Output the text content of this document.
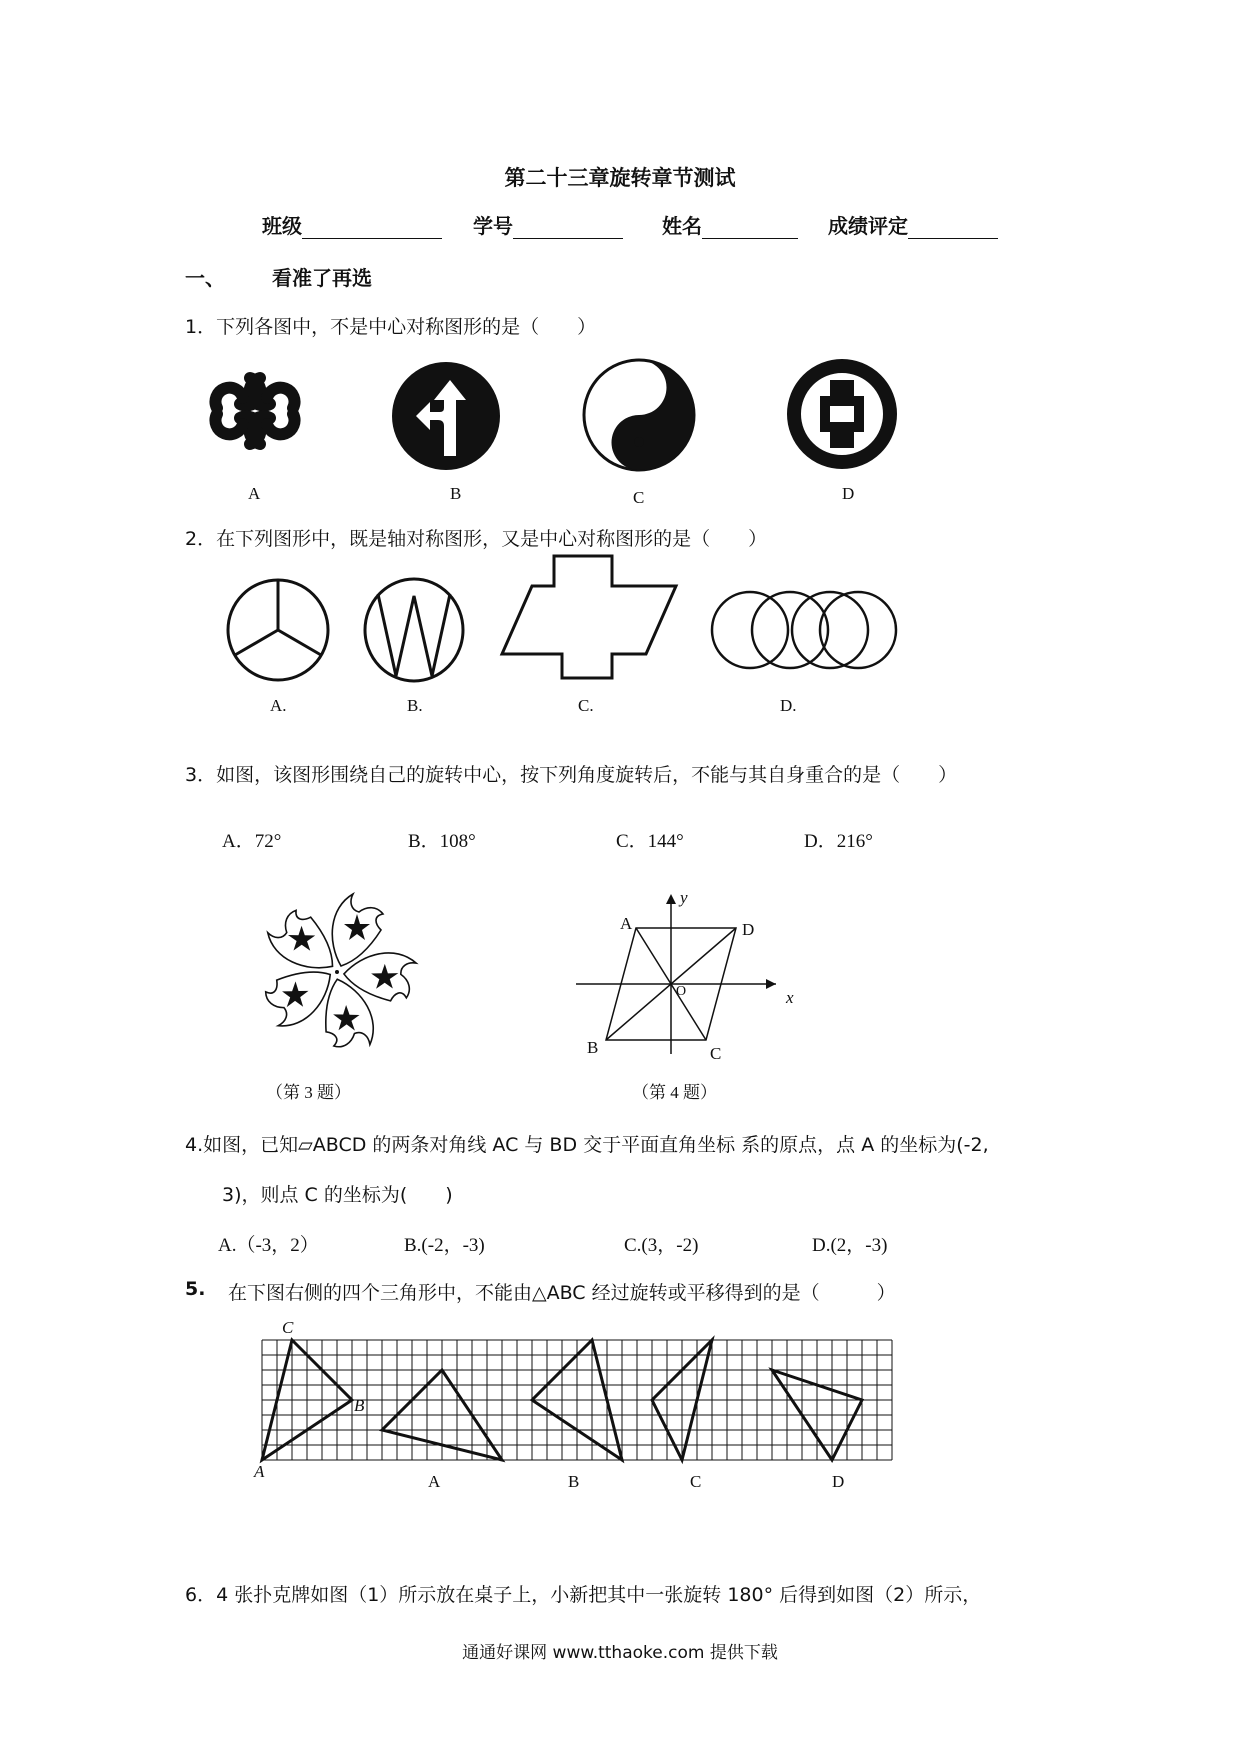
第二十三章旋转章节测试
班级	学号	姓名	成绩评定
一、 看准了再选
1．下列各图中，不是中心对称图形的是（　　）
A	B	C	D
2．在下列图形中，既是轴对称图形，又是中心对称图形的是（　　）
A.	B.	C.	D.
3．如图，该图形围绕自己的旋转中心，按下列角度旋转后，不能与其自身重合的是（　　）
A．72°	B．108°	C．144°	D．216°
（第 3 题）
A	D
B	C
O	x
y
（第 4 题）
4.如图，已知▱ABCD 的两条对角线 AC 与 BD 交于平面直角坐标 系的原点，点 A 的坐标为(-2,
3)，则点 C 的坐标为(　　)
A.（-3，2）	B.(-2，-3)	C.(3，-2)	D.(2，-3)
5. 在下图右侧的四个三角形中，不能由△ABC 经过旋转或平移得到的是（　　　）
C
B
A
A	B	C	D
6．4 张扑克牌如图（1）所示放在桌子上，小新把其中一张旋转 180° 后得到如图（2）所示，
通通好课网 www.tthaoke.com 提供下载
